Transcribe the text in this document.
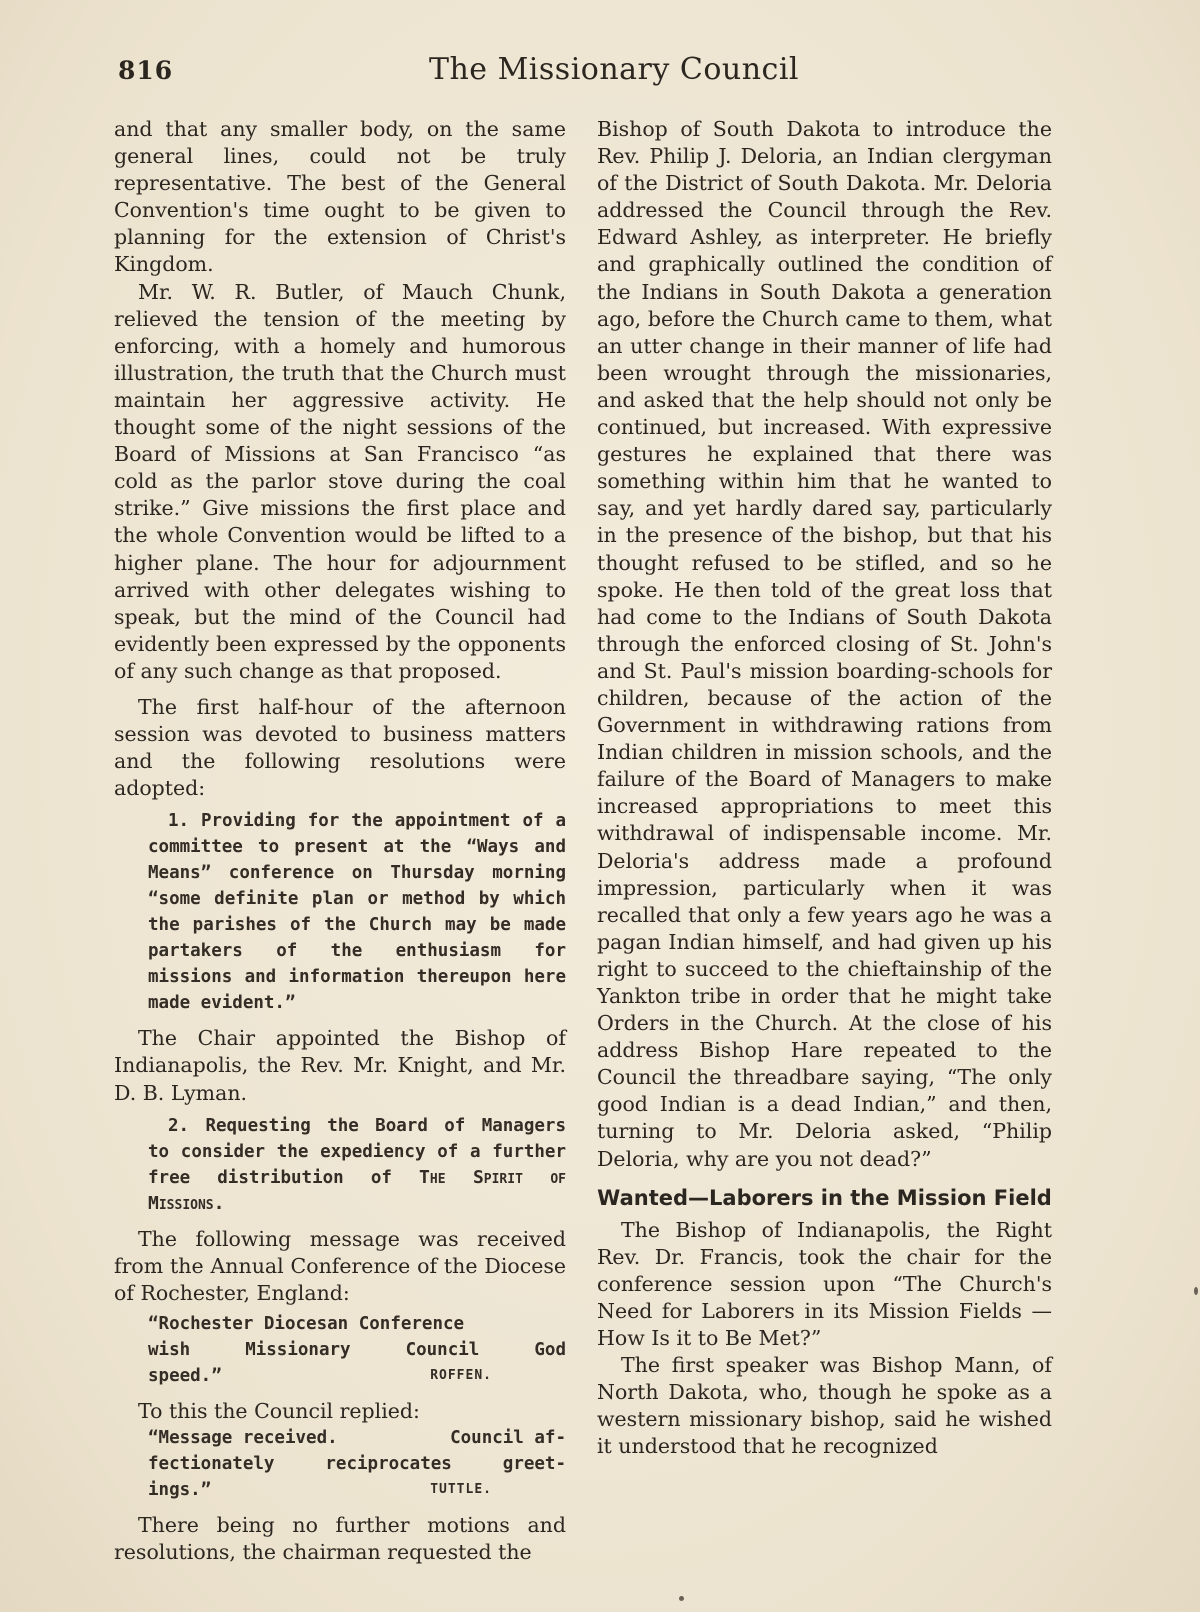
816	The Missionary Council

and that any smaller body, on the same general lines, could not be truly representative. The best of the General Convention's time ought to be given to planning for the extension of Christ's Kingdom.

Mr. W. R. Butler, of Mauch Chunk, relieved the tension of the meeting by enforcing, with a homely and humorous illustration, the truth that the Church must maintain her aggressive activity. He thought some of the night sessions of the Board of Missions at San Francisco “as cold as the parlor stove during the coal strike.” Give missions the first place and the whole Convention would be lifted to a higher plane. The hour for adjournment arrived with other delegates wishing to speak, but the mind of the Council had evidently been expressed by the opponents of any such change as that proposed.

The first half-hour of the afternoon session was devoted to business matters and the following resolutions were adopted:

1. Providing for the appointment of a committee to present at the “Ways and Means” conference on Thursday morning “some definite plan or method by which the parishes of the Church may be made partakers of the enthusiasm for missions and information thereupon here made evident.”

The Chair appointed the Bishop of Indianapolis, the Rev. Mr. Knight, and Mr. D. B. Lyman.

2. Requesting the Board of Managers to consider the expediency of a further free distribution of The Spirit of Missions.

The following message was received from the Annual Conference of the Diocese of Rochester, England:

“Rochester Diocesan Conference
wish	Missionary	Council	God
speed.”	ROFFEN.

To this the Council replied:

“Message received.	Council af-
fectionately	reciprocates	greet-
ings.”	TUTTLE.

There being no further motions and resolutions, the chairman requested the

Bishop of South Dakota to introduce the Rev. Philip J. Deloria, an Indian clergyman of the District of South Dakota. Mr. Deloria addressed the Council through the Rev. Edward Ashley, as interpreter. He briefly and graphically outlined the condition of the Indians in South Dakota a generation ago, before the Church came to them, what an utter change in their manner of life had been wrought through the missionaries, and asked that the help should not only be continued, but increased. With expressive gestures he explained that there was something within him that he wanted to say, and yet hardly dared say, particularly in the presence of the bishop, but that his thought refused to be stifled, and so he spoke. He then told of the great loss that had come to the Indians of South Dakota through the enforced closing of St. John's and St. Paul's mission boarding-schools for children, because of the action of the Government in withdrawing rations from Indian children in mission schools, and the failure of the Board of Managers to make increased appropriations to meet this withdrawal of indispensable income. Mr. Deloria's address made a profound impression, particularly when it was recalled that only a few years ago he was a pagan Indian himself, and had given up his right to succeed to the chieftainship of the Yankton tribe in order that he might take Orders in the Church. At the close of his address Bishop Hare repeated to the Council the threadbare saying, “The only good Indian is a dead Indian,” and then, turning to Mr. Deloria asked, “Philip Deloria, why are you not dead?”

Wanted—Laborers in the Mission Field

The Bishop of Indianapolis, the Right Rev. Dr. Francis, took the chair for the conference session upon “The Church's Need for Laborers in its Mission Fields —How Is it to Be Met?”

The first speaker was Bishop Mann, of North Dakota, who, though he spoke as a western missionary bishop, said he wished it understood that he recognized
